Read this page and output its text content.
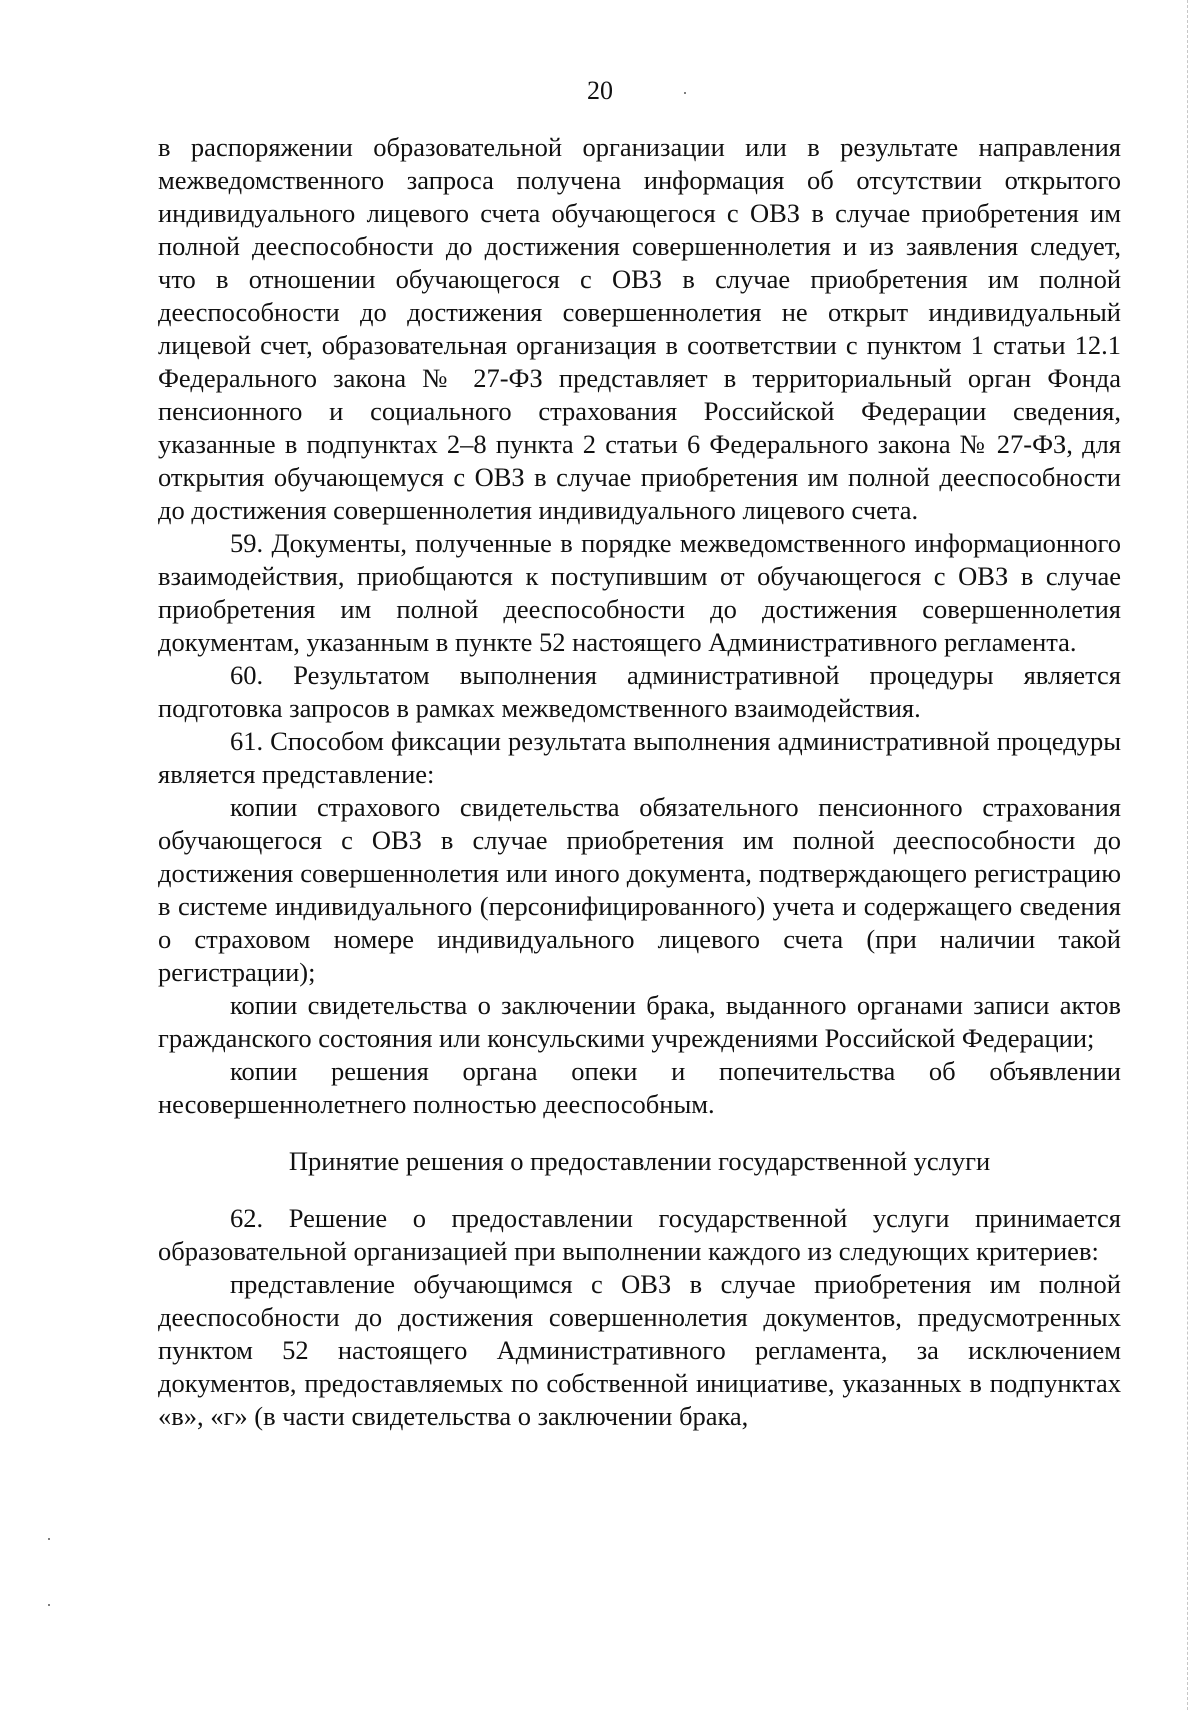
20

в распоряжении образовательной организации или в результате направления межведомственного запроса получена информация об отсутствии открытого индивидуального лицевого счета обучающегося с ОВЗ в случае приобретения им полной дееспособности до достижения совершеннолетия и из заявления следует, что в отношении обучающегося с ОВЗ в случае приобретения им полной дееспособности до достижения совершеннолетия не открыт индивидуальный лицевой счет, образовательная организация в соответствии с пунктом 1 статьи 12.1 Федерального закона № 27-ФЗ представляет в территориальный орган Фонда пенсионного и социального страхования Российской Федерации сведения, указанные в подпунктах 2–8 пункта 2 статьи 6 Федерального закона № 27-ФЗ, для открытия обучающемуся с ОВЗ в случае приобретения им полной дееспособности до достижения совершеннолетия индивидуального лицевого счета.

59. Документы, полученные в порядке межведомственного информационного взаимодействия, приобщаются к поступившим от обучающегося с ОВЗ в случае приобретения им полной дееспособности до достижения совершеннолетия документам, указанным в пункте 52 настоящего Административного регламента.

60. Результатом выполнения административной процедуры является подготовка запросов в рамках межведомственного взаимодействия.

61. Способом фиксации результата выполнения административной процедуры является представление:

копии страхового свидетельства обязательного пенсионного страхования обучающегося с ОВЗ в случае приобретения им полной дееспособности до достижения совершеннолетия или иного документа, подтверждающего регистрацию в системе индивидуального (персонифицированного) учета и содержащего сведения о страховом номере индивидуального лицевого счета (при наличии такой регистрации);

копии свидетельства о заключении брака, выданного органами записи актов гражданского состояния или консульскими учреждениями Российской Федерации;

копии решения органа опеки и попечительства об объявлении несовершеннолетнего полностью дееспособным.

Принятие решения о предоставлении государственной услуги

62. Решение о предоставлении государственной услуги принимается образовательной организацией при выполнении каждого из следующих критериев:

представление обучающимся с ОВЗ в случае приобретения им полной дееспособности до достижения совершеннолетия документов, предусмотренных пунктом 52 настоящего Административного регламента, за исключением документов, предоставляемых по собственной инициативе, указанных в подпунктах «в», «г» (в части свидетельства о заключении брака,
